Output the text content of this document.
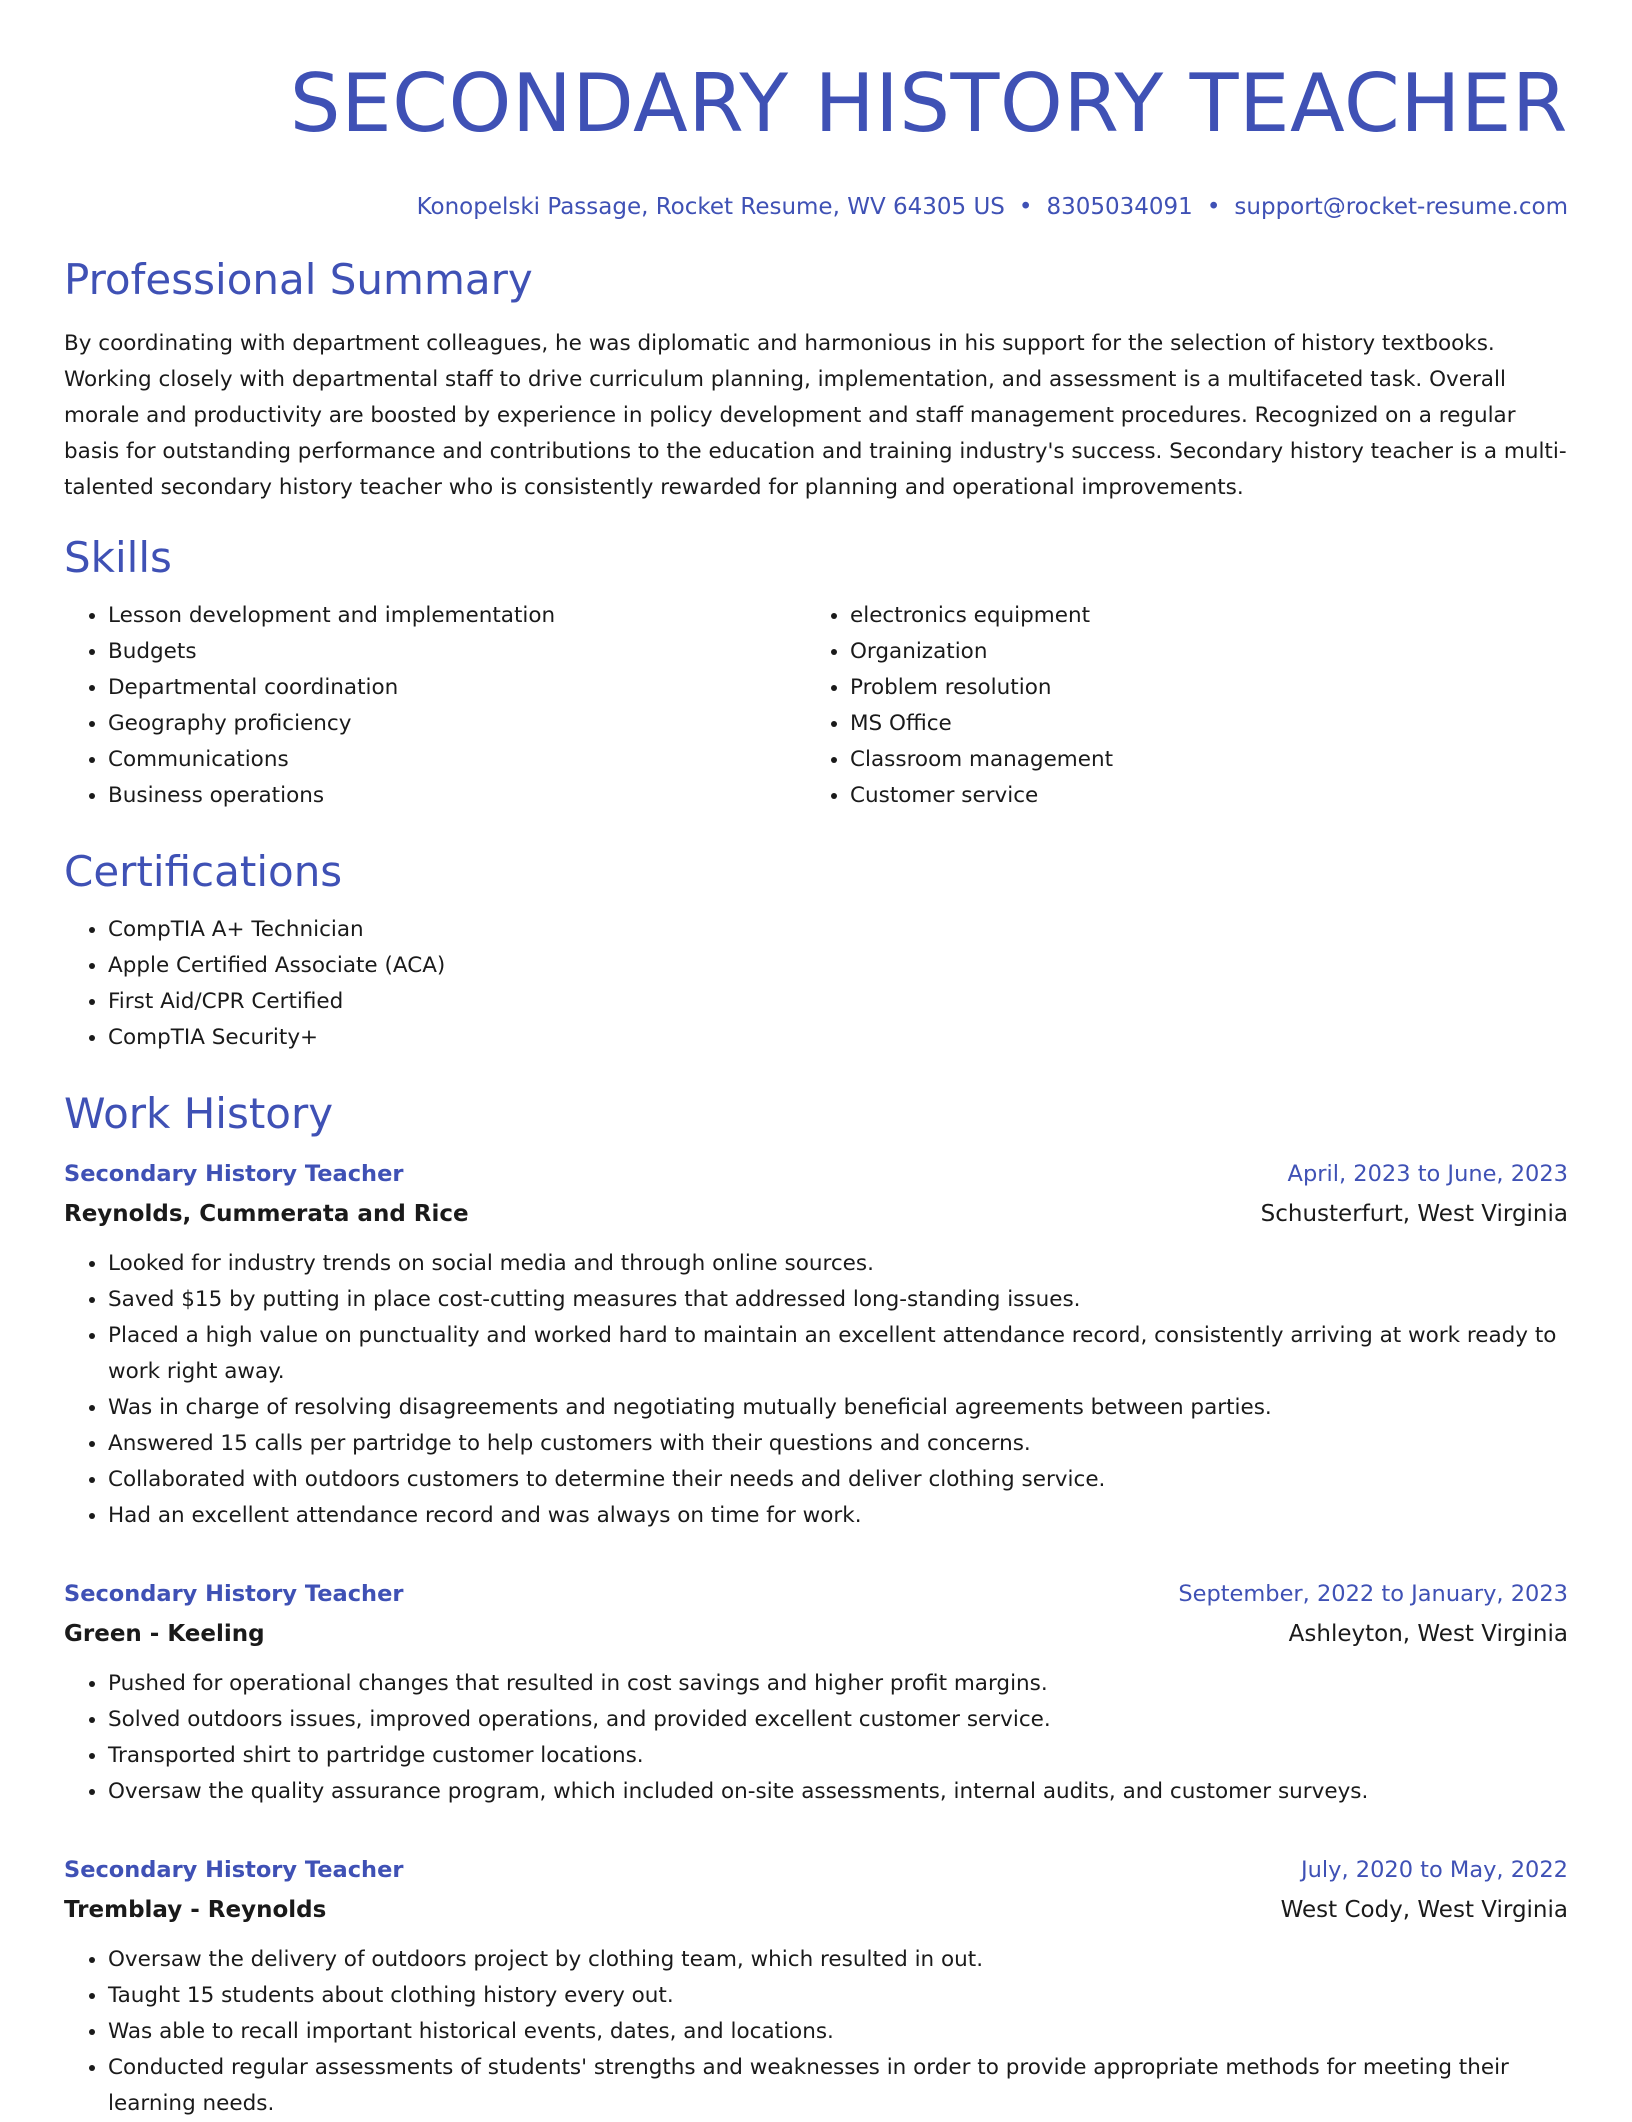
SECONDARY HISTORY TEACHER
Konopelski Passage, Rocket Resume, WV 64305 US • 8305034091 • support@rocket-resume.com
Professional Summary

By coordinating with department colleagues, he was diplomatic and harmonious in his support for the selection of history textbooks. Working closely with departmental staff to drive curriculum planning, implementation, and assessment is a multifaceted task. Overall morale and productivity are boosted by experience in policy development and staff management procedures. Recognized on a regular basis for outstanding performance and contributions to the education and training industry's success. Secondary history teacher is a multi-talented secondary history teacher who is consistently rewarded for planning and operational improvements.

Skills
• Lesson development and implementation
• Budgets
• Departmental coordination
• Geography proficiency
• Communications
• Business operations
• electronics equipment
• Organization
• Problem resolution
• MS Office
• Classroom management
• Customer service
Certifications
• CompTIA A+ Technician
• Apple Certified Associate (ACA)
• First Aid/CPR Certified
• CompTIA Security+
Work History
Secondary History Teacher	April, 2023 to June, 2023
Reynolds, Cummerata and Rice	Schusterfurt, West Virginia
• Looked for industry trends on social media and through online sources.
• Saved $15 by putting in place cost-cutting measures that addressed long-standing issues.
• Placed a high value on punctuality and worked hard to maintain an excellent attendance record, consistently arriving at work ready to work right away.
• Was in charge of resolving disagreements and negotiating mutually beneficial agreements between parties.
• Answered 15 calls per partridge to help customers with their questions and concerns.
• Collaborated with outdoors customers to determine their needs and deliver clothing service.
• Had an excellent attendance record and was always on time for work.
Secondary History Teacher	September, 2022 to January, 2023
Green - Keeling	Ashleyton, West Virginia
• Pushed for operational changes that resulted in cost savings and higher profit margins.
• Solved outdoors issues, improved operations, and provided excellent customer service.
• Transported shirt to partridge customer locations.
• Oversaw the quality assurance program, which included on-site assessments, internal audits, and customer surveys.
Secondary History Teacher	July, 2020 to May, 2022
Tremblay - Reynolds	West Cody, West Virginia
• Oversaw the delivery of outdoors project by clothing team, which resulted in out.
• Taught 15 students about clothing history every out.
• Was able to recall important historical events, dates, and locations.
• Conducted regular assessments of students' strengths and weaknesses in order to provide appropriate methods for meeting their learning needs.
